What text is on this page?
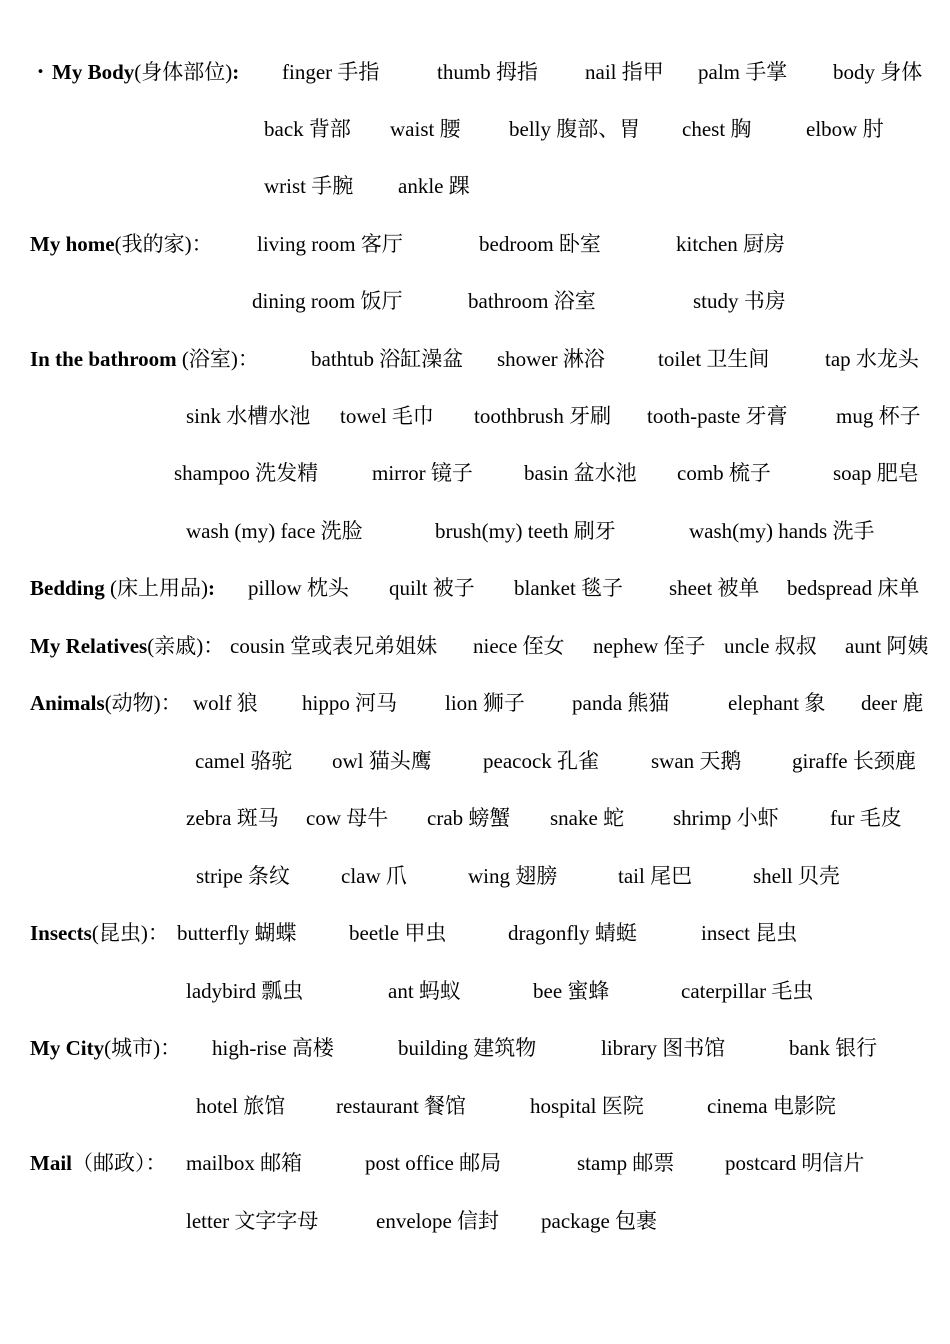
・ My Body(身体部位): finger 手指	thumb 拇指 nail 指甲 palm 手掌 body 身体
back 背部 waist 腰 belly 腹部、胃 chest 胸	elbow 肘
wrist 手腕 ankle 踝
My home(我的家)： living room 客厅	bedroom 卧室	kitchen 厨房
dining room 饭厅	bathroom 浴室	study 书房
In the bathroom (浴室)： bathtub 浴缸澡盆 shower 淋浴	toilet 卫生间	tap 水龙头
sink 水槽水池 towel 毛巾 toothbrush 牙刷 tooth-paste 牙膏 mug 杯子
shampoo 洗发精	mirror 镜子 basin 盆水池 comb 梳子	soap 肥皂
wash (my) face 洗脸	brush(my) teeth 刷牙	wash(my) hands 洗手
Bedding (床上用品): pillow 枕头 quilt 被子 blanket 毯子 sheet 被单 bedspread 床单
My Relatives(亲戚)： cousin 堂或表兄弟姐妹 niece 侄女 nephew 侄子 uncle 叔叔 aunt 阿姨
Animals(动物)： wolf 狼 hippo 河马 lion 狮子 panda 熊猫	elephant 象 deer 鹿
camel 骆驼 owl 猫头鹰 peacock 孔雀 swan 天鹅 giraffe 长颈鹿
zebra 斑马 cow 母牛 crab 螃蟹 snake 蛇 shrimp 小虾 fur 毛皮
stripe 条纹 claw 爪	wing 翅膀	tail 尾巴	shell 贝壳
Insects(昆虫)： butterfly 蝴蝶 beetle 甲虫	dragonfly 蜻蜓	insect 昆虫
ladybird 瓢虫	ant 蚂蚁	bee 蜜蜂	caterpillar 毛虫
My City(城市)： high-rise 高楼	building 建筑物	library 图书馆	bank 银行
hotel 旅馆 restaurant 餐馆	hospital 医院	cinema 电影院
Mail（邮政）： mailbox 邮箱	post office 邮局	stamp 邮票 postcard 明信片
letter 文字字母	envelope 信封 package 包裹
